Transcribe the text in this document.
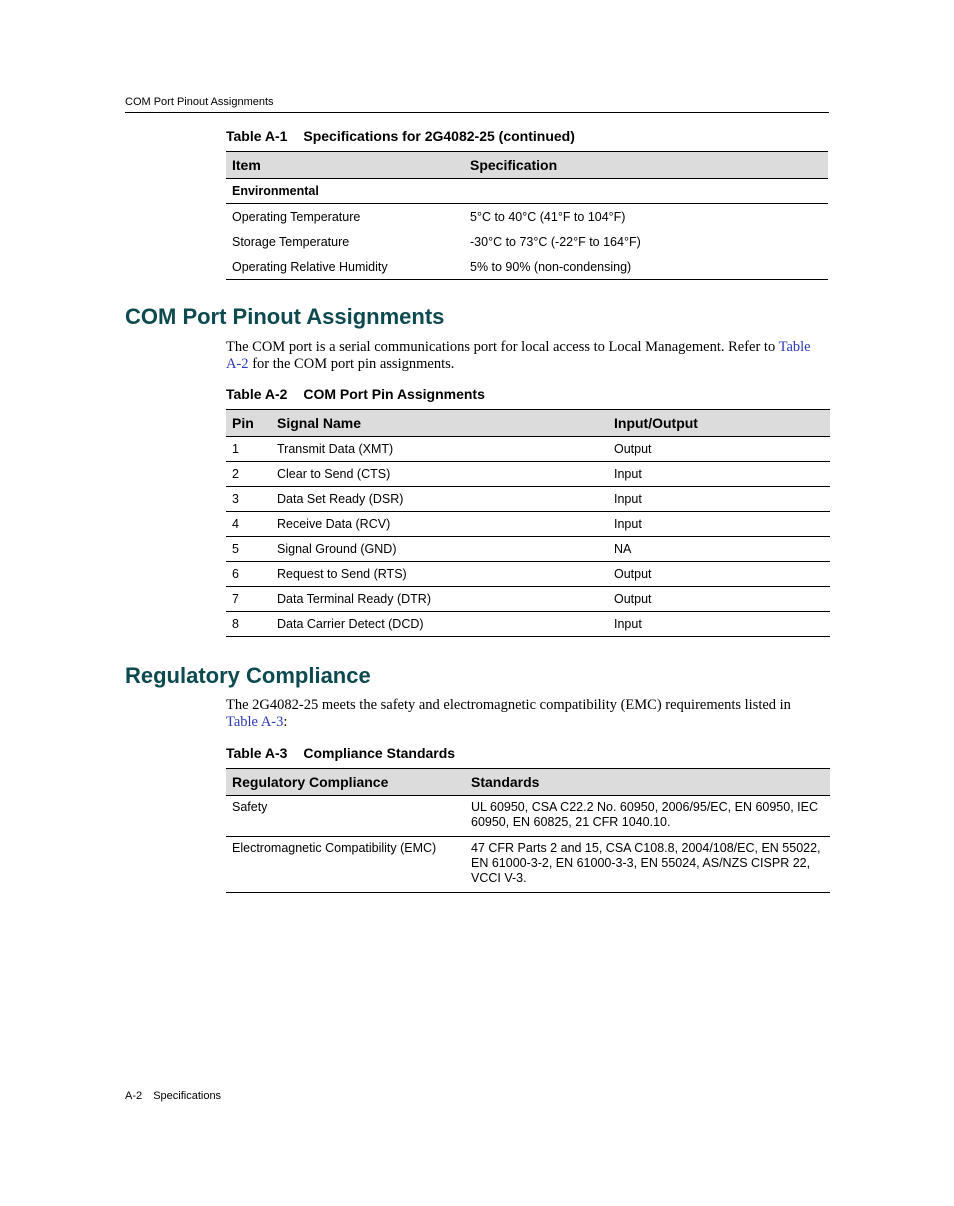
COM Port Pinout Assignments
Table A-1 Specifications for 2G4082-25 (continued)
Item	Specification
Environmental	
Operating Temperature	5°C to 40°C (41°F to 104°F)
Storage Temperature	-30°C to 73°C (-22°F to 164°F)
Operating Relative Humidity	5% to 90% (non-condensing)
COM Port Pinout Assignments

The COM port is a serial communications port for local access to Local Management. Refer to Table A-2 for the COM port pin assignments.

Table A-2 COM Port Pin Assignments
Pin	Signal Name	Input/Output
1	Transmit Data (XMT)	Output
2	Clear to Send (CTS)	Input
3	Data Set Ready (DSR)	Input
4	Receive Data (RCV)	Input
5	Signal Ground (GND)	NA
6	Request to Send (RTS)	Output
7	Data Terminal Ready (DTR)	Output
8	Data Carrier Detect (DCD)	Input
Regulatory Compliance

The 2G4082-25 meets the safety and electromagnetic compatibility (EMC) requirements listed in Table A-3:

Table A-3 Compliance Standards
Regulatory Compliance	Standards
Safety	UL 60950, CSA C22.2 No. 60950, 2006/95/EC, EN 60950, IEC 60950, EN 60825, 21 CFR 1040.10.
Electromagnetic Compatibility (EMC)	47 CFR Parts 2 and 15, CSA C108.8, 2004/108/EC, EN 55022, EN 61000-3-2, EN 61000-3-3, EN 55024, AS/NZS CISPR 22, VCCI V-3.
A-2 Specifications
